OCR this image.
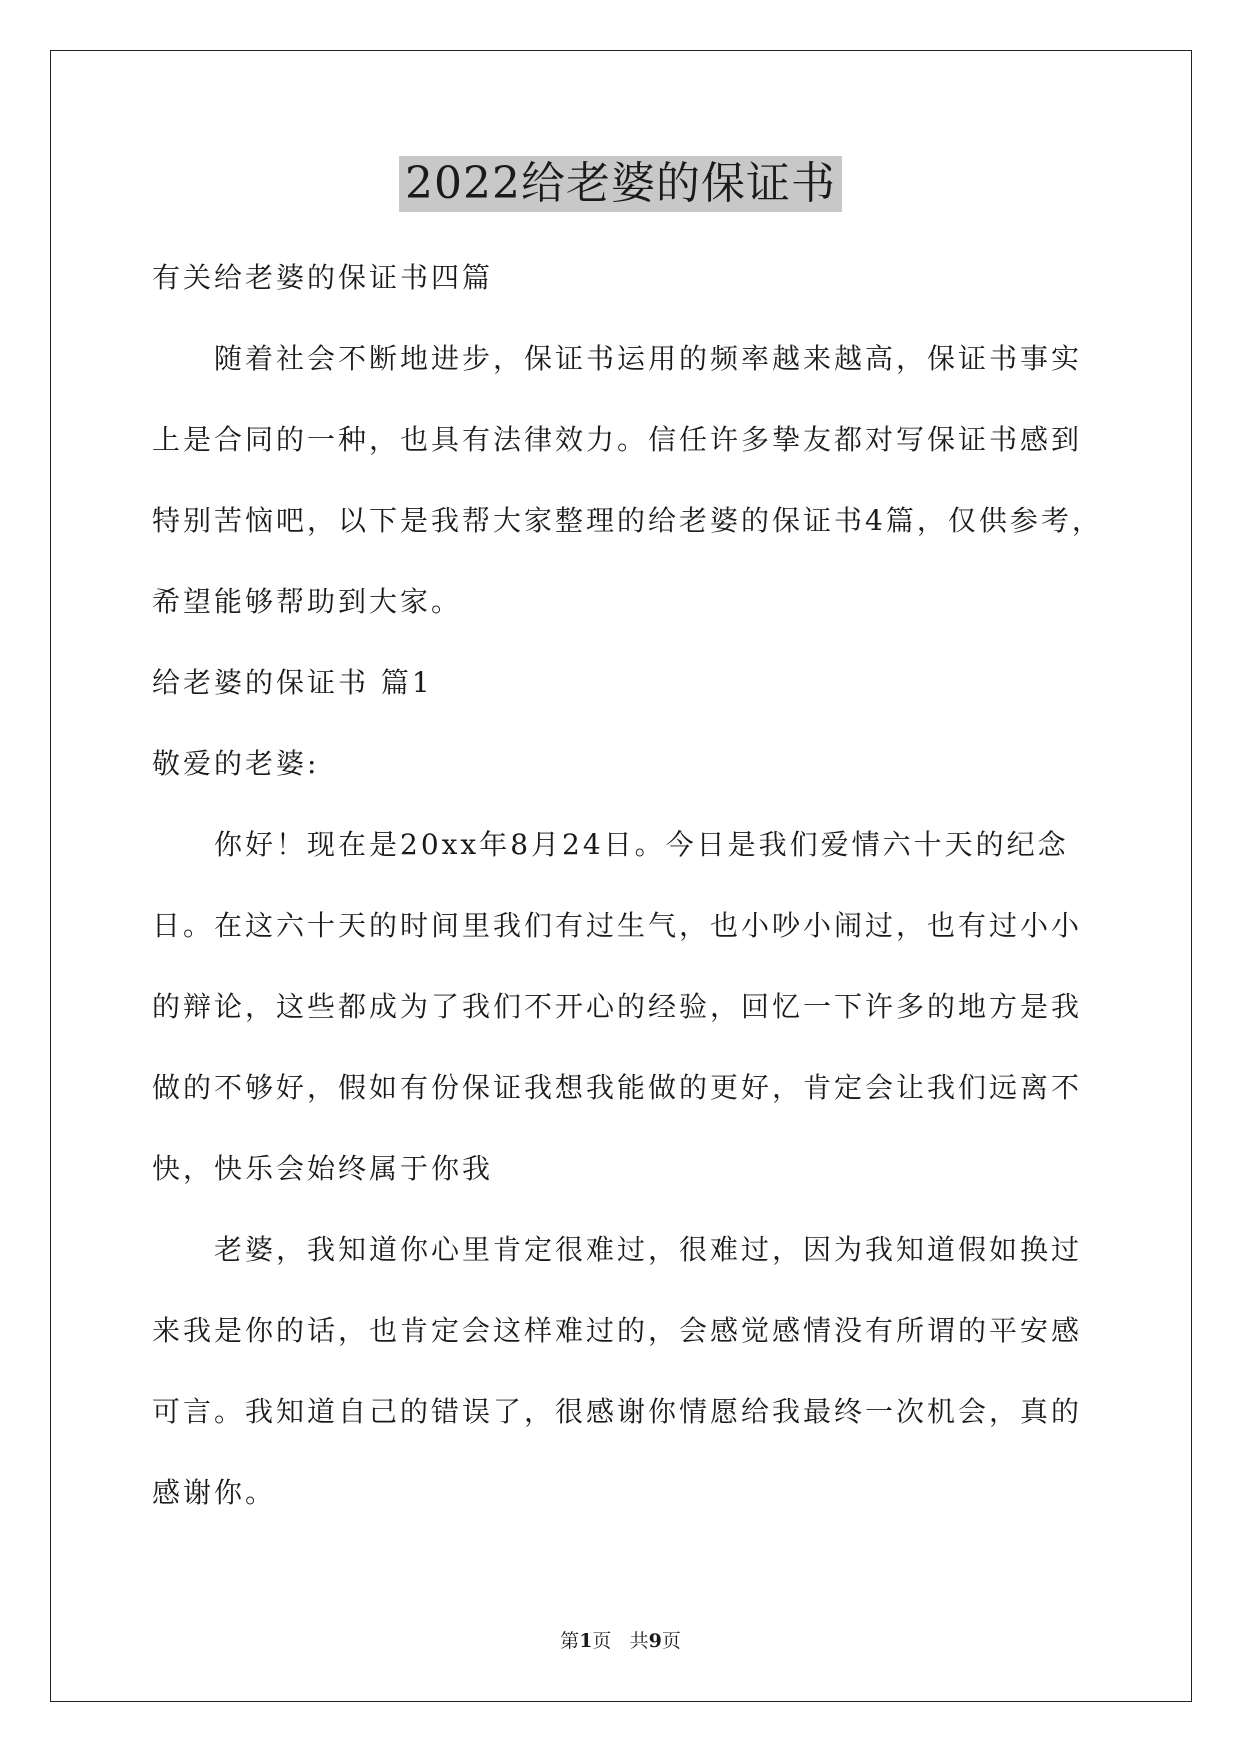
2022给老婆的保证书
有关给老婆的保证书四篇
随着社会不断地进步，保证书运用的频率越来越高，保证书事实
上是合同的一种，也具有法律效力。信任许多挚友都对写保证书感到
特别苦恼吧，以下是我帮大家整理的给老婆的保证书4篇，仅供参考，
希望能够帮助到大家。
给老婆的保证书 篇1
敬爱的老婆:
你好！现在是20xx年8月24日。今日是我们爱情六十天的纪念
日。在这六十天的时间里我们有过生气，也小吵小闹过，也有过小小
的辩论，这些都成为了我们不开心的经验，回忆一下许多的地方是我
做的不够好，假如有份保证我想我能做的更好，肯定会让我们远离不
快，快乐会始终属于你我
老婆，我知道你心里肯定很难过，很难过，因为我知道假如换过
来我是你的话，也肯定会这样难过的，会感觉感情没有所谓的平安感
可言。我知道自己的错误了，很感谢你情愿给我最终一次机会，真的
感谢你。
第1页 共9页
